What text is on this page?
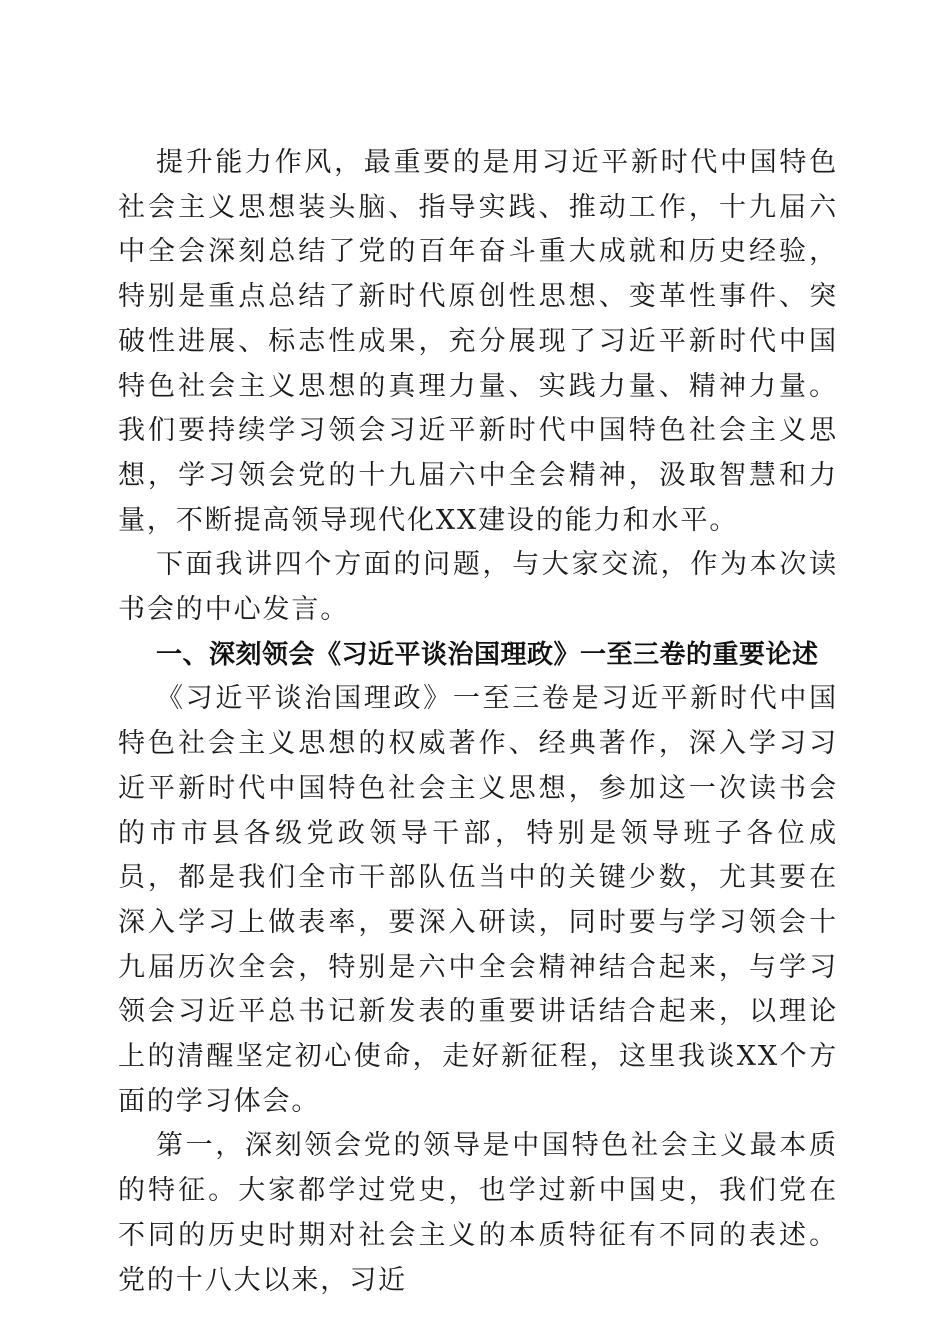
提升能力作风，最重要的是用习近平新时代中国特色社会主义思想装头脑、指导实践、推动工作，十九届六中全会深刻总结了党的百年奋斗重大成就和历史经验，特别是重点总结了新时代原创性思想、变革性事件、突破性进展、标志性成果，充分展现了习近平新时代中国特色社会主义思想的真理力量、实践力量、精神力量。我们要持续学习领会习近平新时代中国特色社会主义思想，学习领会党的十九届六中全会精神，汲取智慧和力量，不断提高领导现代化XX建设的能力和水平。

下面我讲四个方面的问题，与大家交流，作为本次读书会的中心发言。

一、深刻领会《习近平谈治国理政》一至三卷的重要论述

《习近平谈治国理政》一至三卷是习近平新时代中国特色社会主义思想的权威著作、经典著作，深入学习习近平新时代中国特色社会主义思想，参加这一次读书会的市市县各级党政领导干部，特别是领导班子各位成员，都是我们全市干部队伍当中的关键少数，尤其要在深入学习上做表率，要深入研读，同时要与学习领会十九届历次全会，特别是六中全会精神结合起来，与学习领会习近平总书记新发表的重要讲话结合起来，以理论上的清醒坚定初心使命，走好新征程，这里我谈XX个方面的学习体会。

第一，深刻领会党的领导是中国特色社会主义最本质的特征。大家都学过党史，也学过新中国史，我们党在不同的历史时期对社会主义的本质特征有不同的表述。党的十八大以来，习近
